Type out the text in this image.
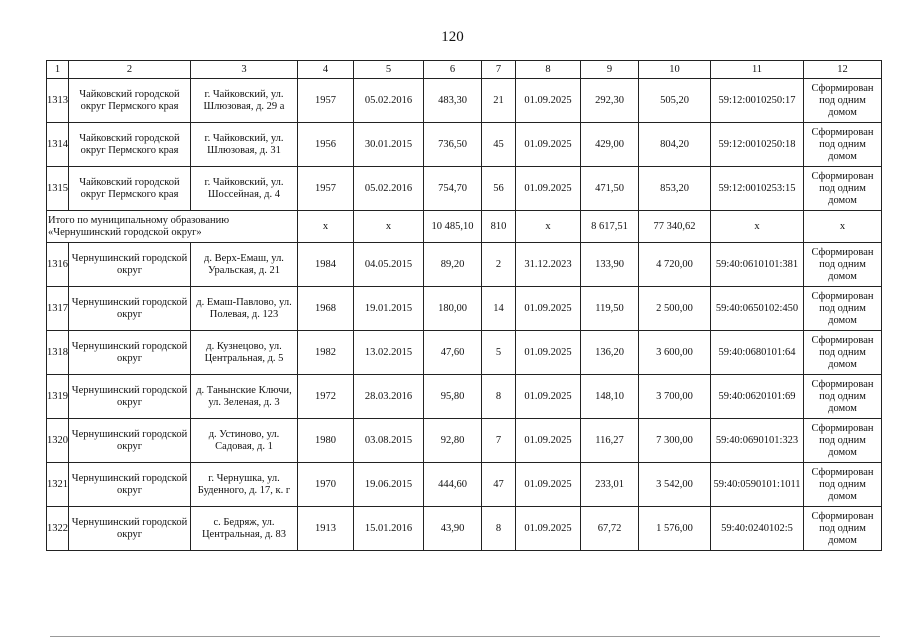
120
1	2	3	4	5	6	7	8	9	10	11	12
1313	Чайковский городской округ Пермского края	г. Чайковский, ул. Шлюзовая, д. 29 а	1957	05.02.2016	483,30	21	01.09.2025	292,30	505,20	59:12:0010250:17	Сформирован под одним домом
1314	Чайковский городской округ Пермского края	г. Чайковский, ул. Шлюзовая, д. 31	1956	30.01.2015	736,50	45	01.09.2025	429,00	804,20	59:12:0010250:18	Сформирован под одним домом
1315	Чайковский городской округ Пермского края	г. Чайковский, ул. Шоссейная, д. 4	1957	05.02.2016	754,70	56	01.09.2025	471,50	853,20	59:12:0010253:15	Сформирован под одним домом
Итого по муниципальному образованию «Чернушинский городской округ»			х	х	10 485,10	810	х	8 617,51	77 340,62	х	х
1316	Чернушинский городской округ	д. Верх-Емаш, ул. Уральская, д. 21	1984	04.05.2015	89,20	2	31.12.2023	133,90	4 720,00	59:40:0610101:381	Сформирован под одним домом
1317	Чернушинский городской округ	д. Емаш-Павлово, ул. Полевая, д. 123	1968	19.01.2015	180,00	14	01.09.2025	119,50	2 500,00	59:40:0650102:450	Сформирован под одним домом
1318	Чернушинский городской округ	д. Кузнецово, ул. Центральная, д. 5	1982	13.02.2015	47,60	5	01.09.2025	136,20	3 600,00	59:40:0680101:64	Сформирован под одним домом
1319	Чернушинский городской округ	д. Танынские Ключи, ул. Зеленая, д. 3	1972	28.03.2016	95,80	8	01.09.2025	148,10	3 700,00	59:40:0620101:69	Сформирован под одним домом
1320	Чернушинский городской округ	д. Устиново, ул. Садовая, д. 1	1980	03.08.2015	92,80	7	01.09.2025	116,27	7 300,00	59:40:0690101:323	Сформирован под одним домом
1321	Чернушинский городской округ	г. Чернушка, ул. Буденного, д. 17, к. г	1970	19.06.2015	444,60	47	01.09.2025	233,01	3 542,00	59:40:0590101:1011	Сформирован под одним домом
1322	Чернушинский городской округ	с. Бедряж, ул. Центральная, д. 83	1913	15.01.2016	43,90	8	01.09.2025	67,72	1 576,00	59:40:0240102:5	Сформирован под одним домом
